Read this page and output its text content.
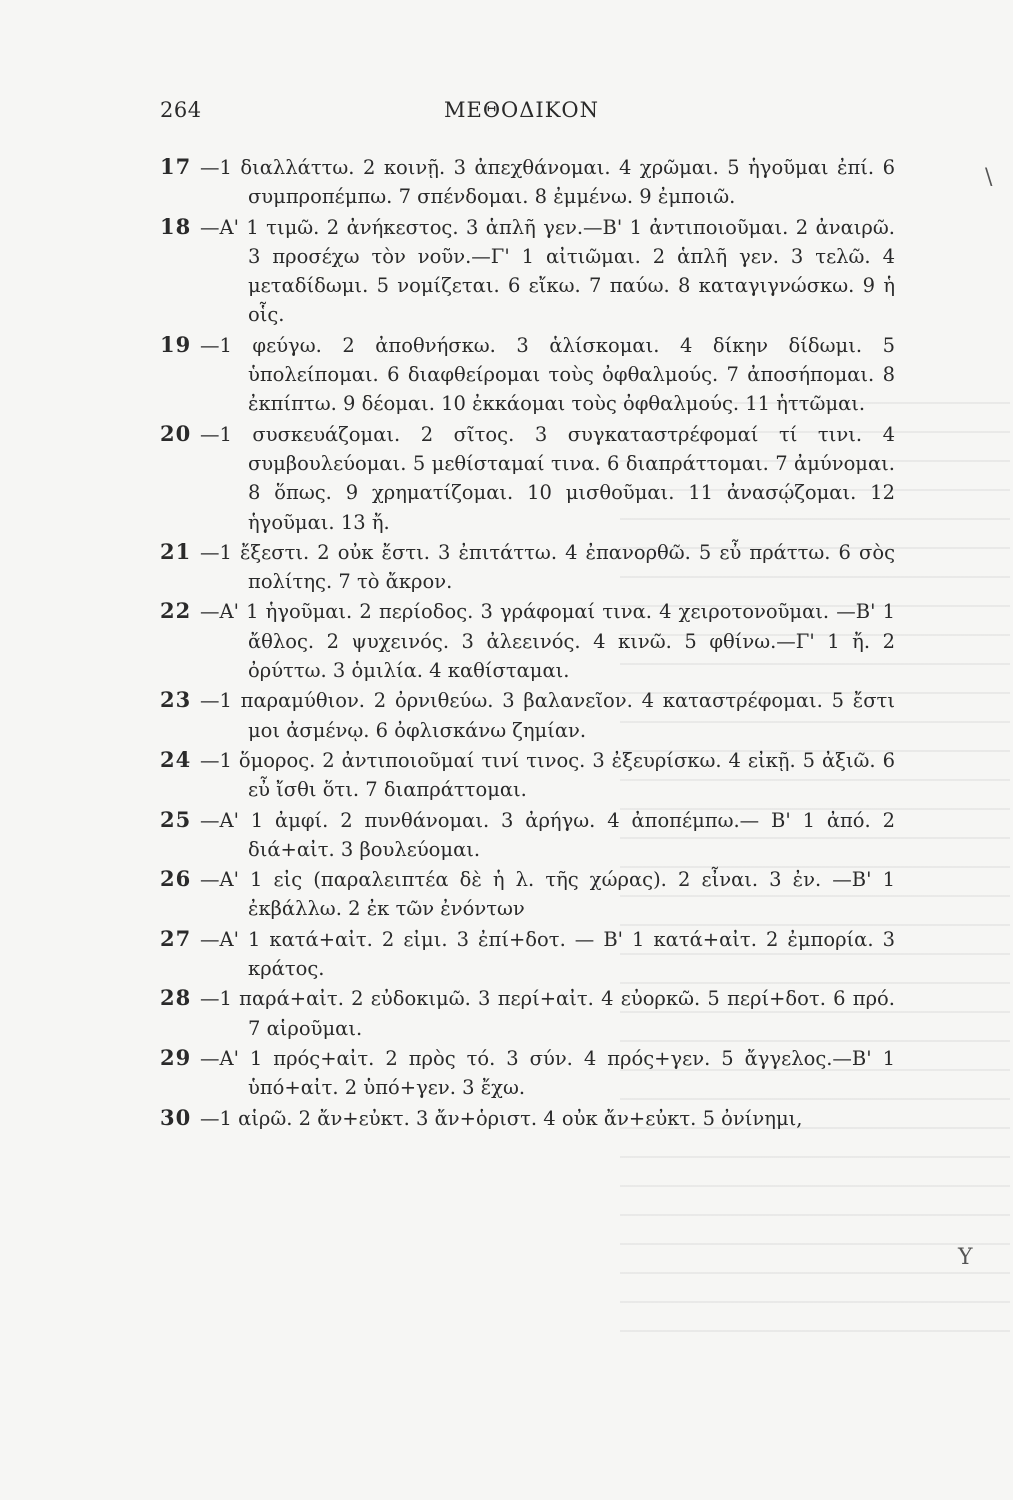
264	ΜΕΘΟΔΙΚΟΝ

17 —1 διαλλάττω. 2 κοινῇ. 3 ἀπεχθάνομαι. 4 χρῶμαι. 5 ἡγοῦμαι ἐπί. 6 συμπροπέμπω. 7 σπένδομαι. 8 ἐμμένω. 9 ἐμποιῶ.

18 —Α' 1 τιμῶ. 2 ἀνήκεστος. 3 ἁπλῆ γεν.—Β' 1 ἀντιποιοῦμαι. 2 ἀναιρῶ. 3 προσέχω τὸν νοῦν.—Γ' 1 αἰτιῶμαι. 2 ἁπλῆ γεν. 3 τελῶ. 4 μεταδίδωμι. 5 νομίζεται. 6 εἴκω. 7 παύω. 8 καταγιγνώσκω. 9 ἡ οἷς.

19 —1 φεύγω. 2 ἀποθνήσκω. 3 ἁλίσκομαι. 4 δίκην δίδωμι. 5 ὑπολείπομαι. 6 διαφθείρομαι τοὺς ὀφθαλμούς. 7 ἀποσήπομαι. 8 ἐκπίπτω. 9 δέομαι. 10 ἐκκάομαι τοὺς ὀφθαλμούς. 11 ἡττῶμαι.

20 —1 συσκευάζομαι. 2 σῖτος. 3 συγκαταστρέφομαί τί τινι. 4 συμβουλεύομαι. 5 μεθίσταμαί τινα. 6 διαπράττομαι. 7 ἀμύνομαι. 8 ὅπως. 9 χρηματίζομαι. 10 μισθοῦμαι. 11 ἀνασῴζομαι. 12 ἡγοῦμαι. 13 ἤ.

21 —1 ἔξεστι. 2 οὐκ ἔστι. 3 ἐπιτάττω. 4 ἐπανορθῶ. 5 εὖ πράττω. 6 σὸς πολίτης. 7 τὸ ἄκρον.

22 —Α' 1 ἡγοῦμαι. 2 περίοδος. 3 γράφομαί τινα. 4 χειροτονοῦμαι. —Β' 1 ἄθλος. 2 ψυχεινός. 3 ἀλεεινός. 4 κινῶ. 5 φθίνω.—Γ' 1 ἤ. 2 ὀρύττω. 3 ὁμιλία. 4 καθίσταμαι.

23 —1 παραμύθιον. 2 ὀρνιθεύω. 3 βαλανεῖον. 4 καταστρέφομαι. 5 ἔστι μοι ἀσμένῳ. 6 ὀφλισκάνω ζημίαν.

24 —1 ὅμορος. 2 ἀντιποιοῦμαί τινί τινος. 3 ἐξευρίσκω. 4 εἰκῇ. 5 ἀξιῶ. 6 εὖ ἴσθι ὅτι. 7 διαπράττομαι.

25 —Α' 1 ἀμφί. 2 πυνθάνομαι. 3 ἀρήγω. 4 ἀποπέμπω.— Β' 1 ἀπό. 2 διά+αἰτ. 3 βουλεύομαι.

26 —Α' 1 εἰς (παραλειπτέα δὲ ἡ λ. τῆς χώρας). 2 εἶναι. 3 ἐν. —Β' 1 ἐκβάλλω. 2 ἐκ τῶν ἐνόντων

27 —Α' 1 κατά+αἰτ. 2 εἰμι. 3 ἐπί+δοτ. — Β' 1 κατά+αἰτ. 2 ἐμπορία. 3 κράτος.

28 —1 παρά+αἰτ. 2 εὐδοκιμῶ. 3 περί+αἰτ. 4 εὐορκῶ. 5 περί+δοτ. 6 πρό. 7 αἱροῦμαι.

29 —Α' 1 πρός+αἰτ. 2 πρὸς τό. 3 σύν. 4 πρός+γεν. 5 ἄγγελος.—Β' 1 ὑπό+αἰτ. 2 ὑπό+γεν. 3 ἔχω.

30 —1 αἱρῶ. 2 ἄν+εὐκτ. 3 ἄν+ὁριστ. 4 οὐκ ἄν+εὐκτ. 5 ὀνίνημι,

\
Y
